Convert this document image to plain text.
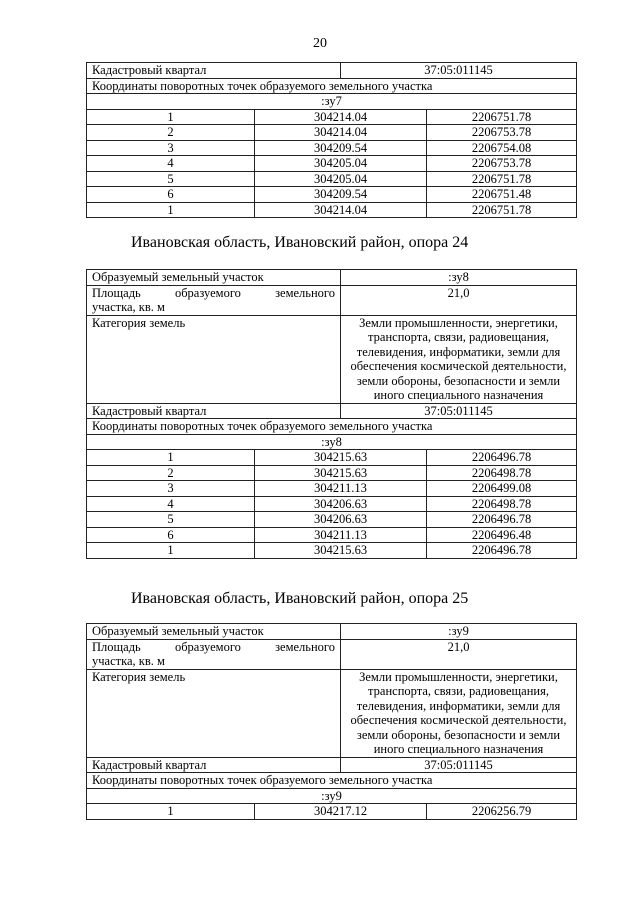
20
Кадастровый квартал		37:05:011145	
Координаты поворотных точек образуемого земельного участка			
:зу7			
1	304214.04		2206751.78
2	304214.04		2206753.78
3	304209.54		2206754.08
4	304205.04		2206753.78
5	304205.04		2206751.78
6	304209.54		2206751.48
1	304214.04		2206751.78
Ивановская область, Ивановский район, опора 24
Образуемый земельный участок		:зу8	

Площадь образуемого земельного
участка, кв. м		21,0	
Категория земель		Земли промышленности, энергетики, транспорта, связи, радиовещания, телевидения, информатики, земли для обеспечения космической деятельности, земли обороны, безопасности и земли иного специального назначения	
Кадастровый квартал		37:05:011145	
Координаты поворотных точек образуемого земельного участка			
:зу8			
1	304215.63		2206496.78
2	304215.63		2206498.78
3	304211.13		2206499.08
4	304206.63		2206498.78
5	304206.63		2206496.78
6	304211.13		2206496.48
1	304215.63		2206496.78
Ивановская область, Ивановский район, опора 25
Образуемый земельный участок		:зу9	

Площадь образуемого земельного
участка, кв. м		21,0	
Категория земель		Земли промышленности, энергетики, транспорта, связи, радиовещания, телевидения, информатики, земли для обеспечения космической деятельности, земли обороны, безопасности и земли иного специального назначения	
Кадастровый квартал		37:05:011145	
Координаты поворотных точек образуемого земельного участка			
:зу9			
1	304217.12		2206256.79
